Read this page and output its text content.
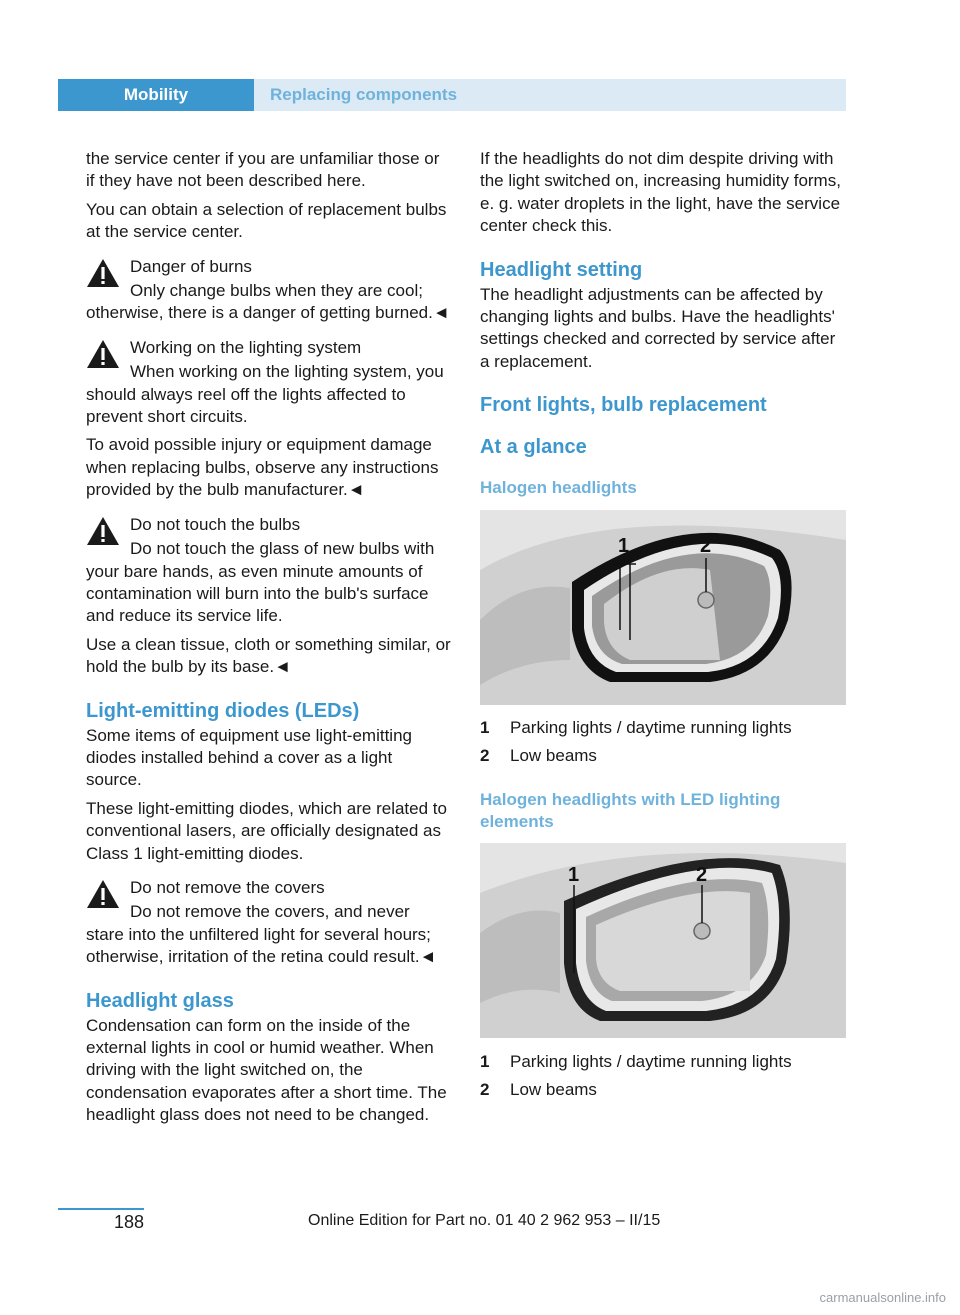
Mobility	Replacing components

the service center if you are unfamiliar those or if they have not been described here.

You can obtain a selection of replacement bulbs at the service center.

Danger of burns

Only change bulbs when they are cool; otherwise, there is a danger of getting burned.◄

Working on the lighting system

When working on the lighting system, you should always reel off the lights affected to prevent short circuits.

To avoid possible injury or equipment damage when replacing bulbs, observe any instructions provided by the bulb manufacturer.◄

Do not touch the bulbs

Do not touch the glass of new bulbs with your bare hands, as even minute amounts of contamination will burn into the bulb's surface and reduce its service life.

Use a clean tissue, cloth or something similar, or hold the bulb by its base.◄

Light-emitting diodes (LEDs)

Some items of equipment use light-emitting diodes installed behind a cover as a light source.

These light-emitting diodes, which are related to conventional lasers, are officially designated as Class 1 light-emitting diodes.

Do not remove the covers

Do not remove the covers, and never stare into the unfiltered light for several hours; otherwise, irritation of the retina could result.◄

Headlight glass

Condensation can form on the inside of the external lights in cool or humid weather. When driving with the light switched on, the condensation evaporates after a short time. The headlight glass does not need to be changed.

If the headlights do not dim despite driving with the light switched on, increasing humidity forms, e. g. water droplets in the light, have the service center check this.

Headlight setting

The headlight adjustments can be affected by changing lights and bulbs. Have the headlights' settings checked and corrected by service after a replacement.

Front lights, bulb replacement
At a glance
Halogen headlights
1	2
1	Parking lights / daytime running lights
2	Low beams
Halogen headlights with LED lighting elements
1	2
1	Parking lights / daytime running lights
2	Low beams
188	Online Edition for Part no. 01 40 2 962 953 – II/15
carmanualsonline.info
